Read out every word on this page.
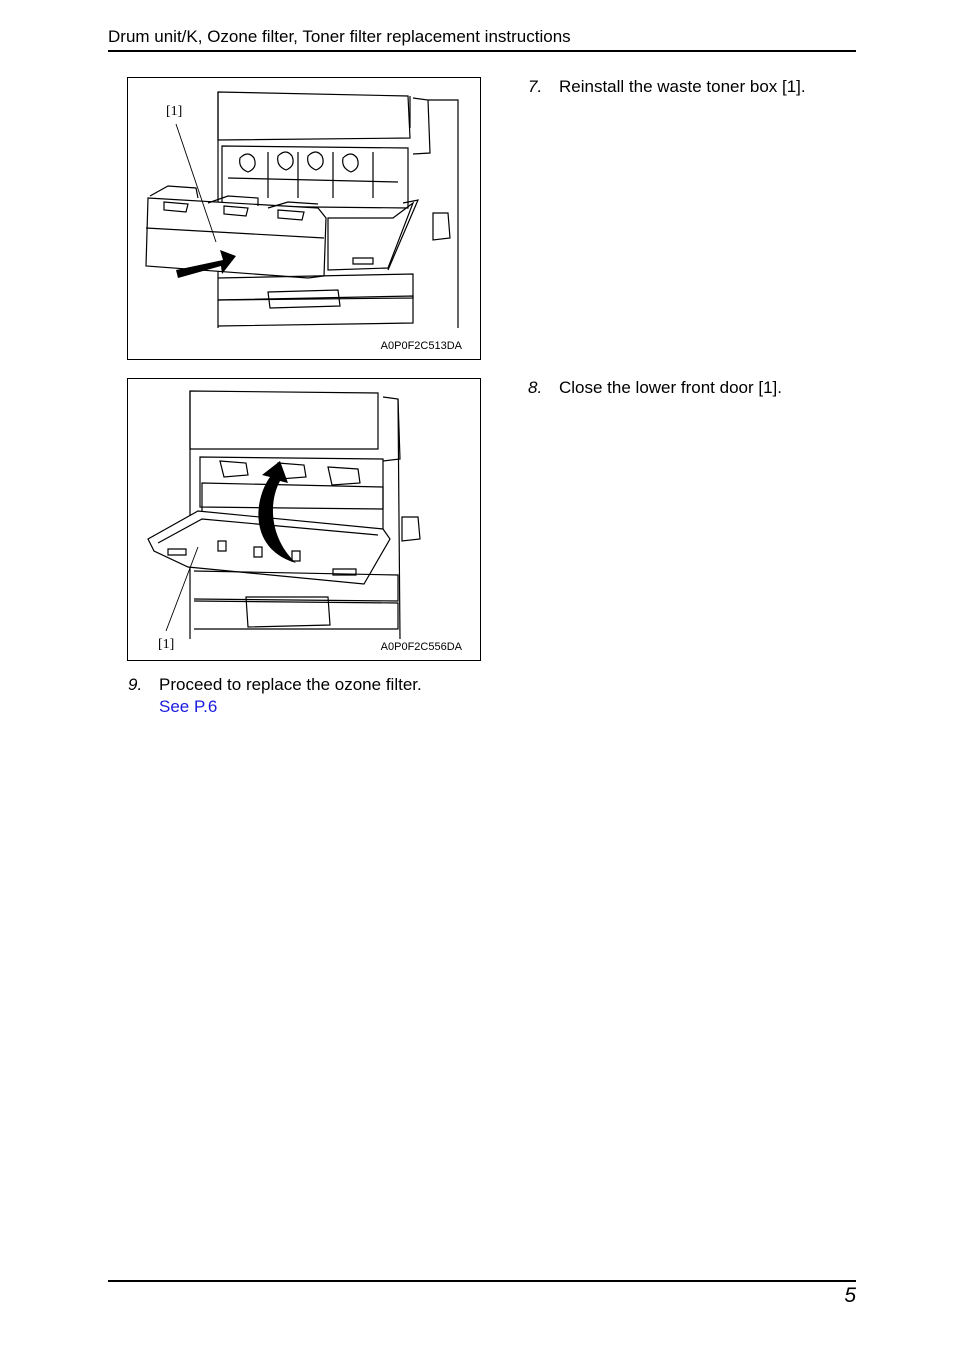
Drum unit/K, Ozone filter, Toner filter replacement instructions
[1]
A0P0F2C513DA
[1]	A0P0F2C556DA
7. Reinstall the waste toner box [1].
8. Close the lower front door [1].
9. Proceed to replace the ozone filter.
See P.6
5
